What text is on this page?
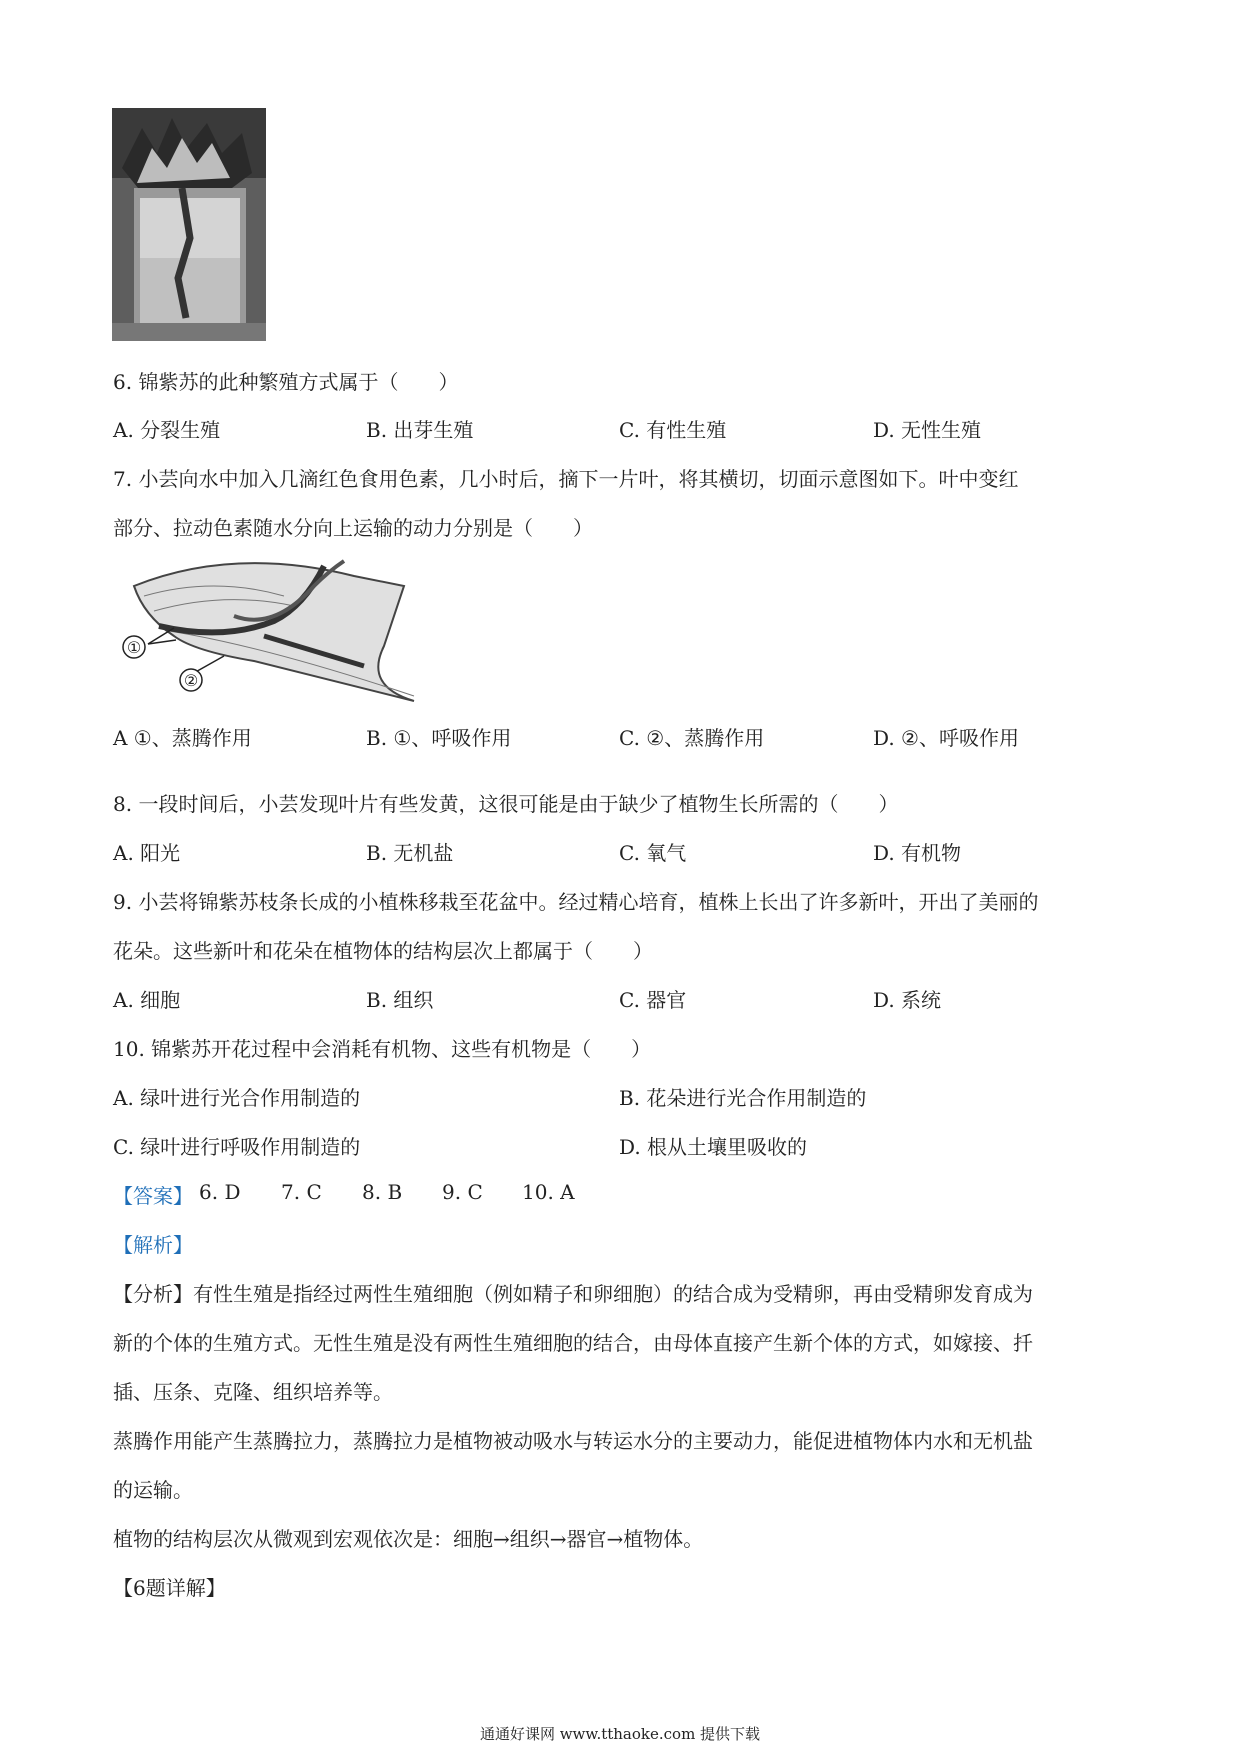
6. 锦紫苏的此种繁殖方式属于（　　）
A. 分裂生殖	B. 出芽生殖	C. 有性生殖	D. 无性生殖
7. 小芸向水中加入几滴红色食用色素，几小时后，摘下一片叶，将其横切，切面示意图如下。叶中变红
部分、拉动色素随水分向上运输的动力分别是（　　）
①
②
A ①、蒸腾作用	B. ①、呼吸作用	C. ②、蒸腾作用	D. ②、呼吸作用
8. 一段时间后，小芸发现叶片有些发黄，这很可能是由于缺少了植物生长所需的（　　）
A. 阳光	B. 无机盐	C. 氧气	D. 有机物
9. 小芸将锦紫苏枝条长成的小植株移栽至花盆中。经过精心培育，植株上长出了许多新叶，开出了美丽的
花朵。这些新叶和花朵在植物体的结构层次上都属于（　　）
A. 细胞	B. 组织	C. 器官	D. 系统
10. 锦紫苏开花过程中会消耗有机物、这些有机物是（　　）
A. 绿叶进行光合作用制造的	B. 花朵进行光合作用制造的
C. 绿叶进行呼吸作用制造的	D. 根从土壤里吸收的
【答案】 6. D 7. C 8. B 9. C 10. A
【解析】
【分析】有性生殖是指经过两性生殖细胞（例如精子和卵细胞）的结合成为受精卵，再由受精卵发育成为
新的个体的生殖方式。无性生殖是没有两性生殖细胞的结合，由母体直接产生新个体的方式，如嫁接、扦
插、压条、克隆、组织培养等。
蒸腾作用能产生蒸腾拉力，蒸腾拉力是植物被动吸水与转运水分的主要动力，能促进植物体内水和无机盐
的运输。
植物的结构层次从微观到宏观依次是：细胞→组织→器官→植物体。
【6题详解】
通通好课网 www.tthaoke.com 提供下载
